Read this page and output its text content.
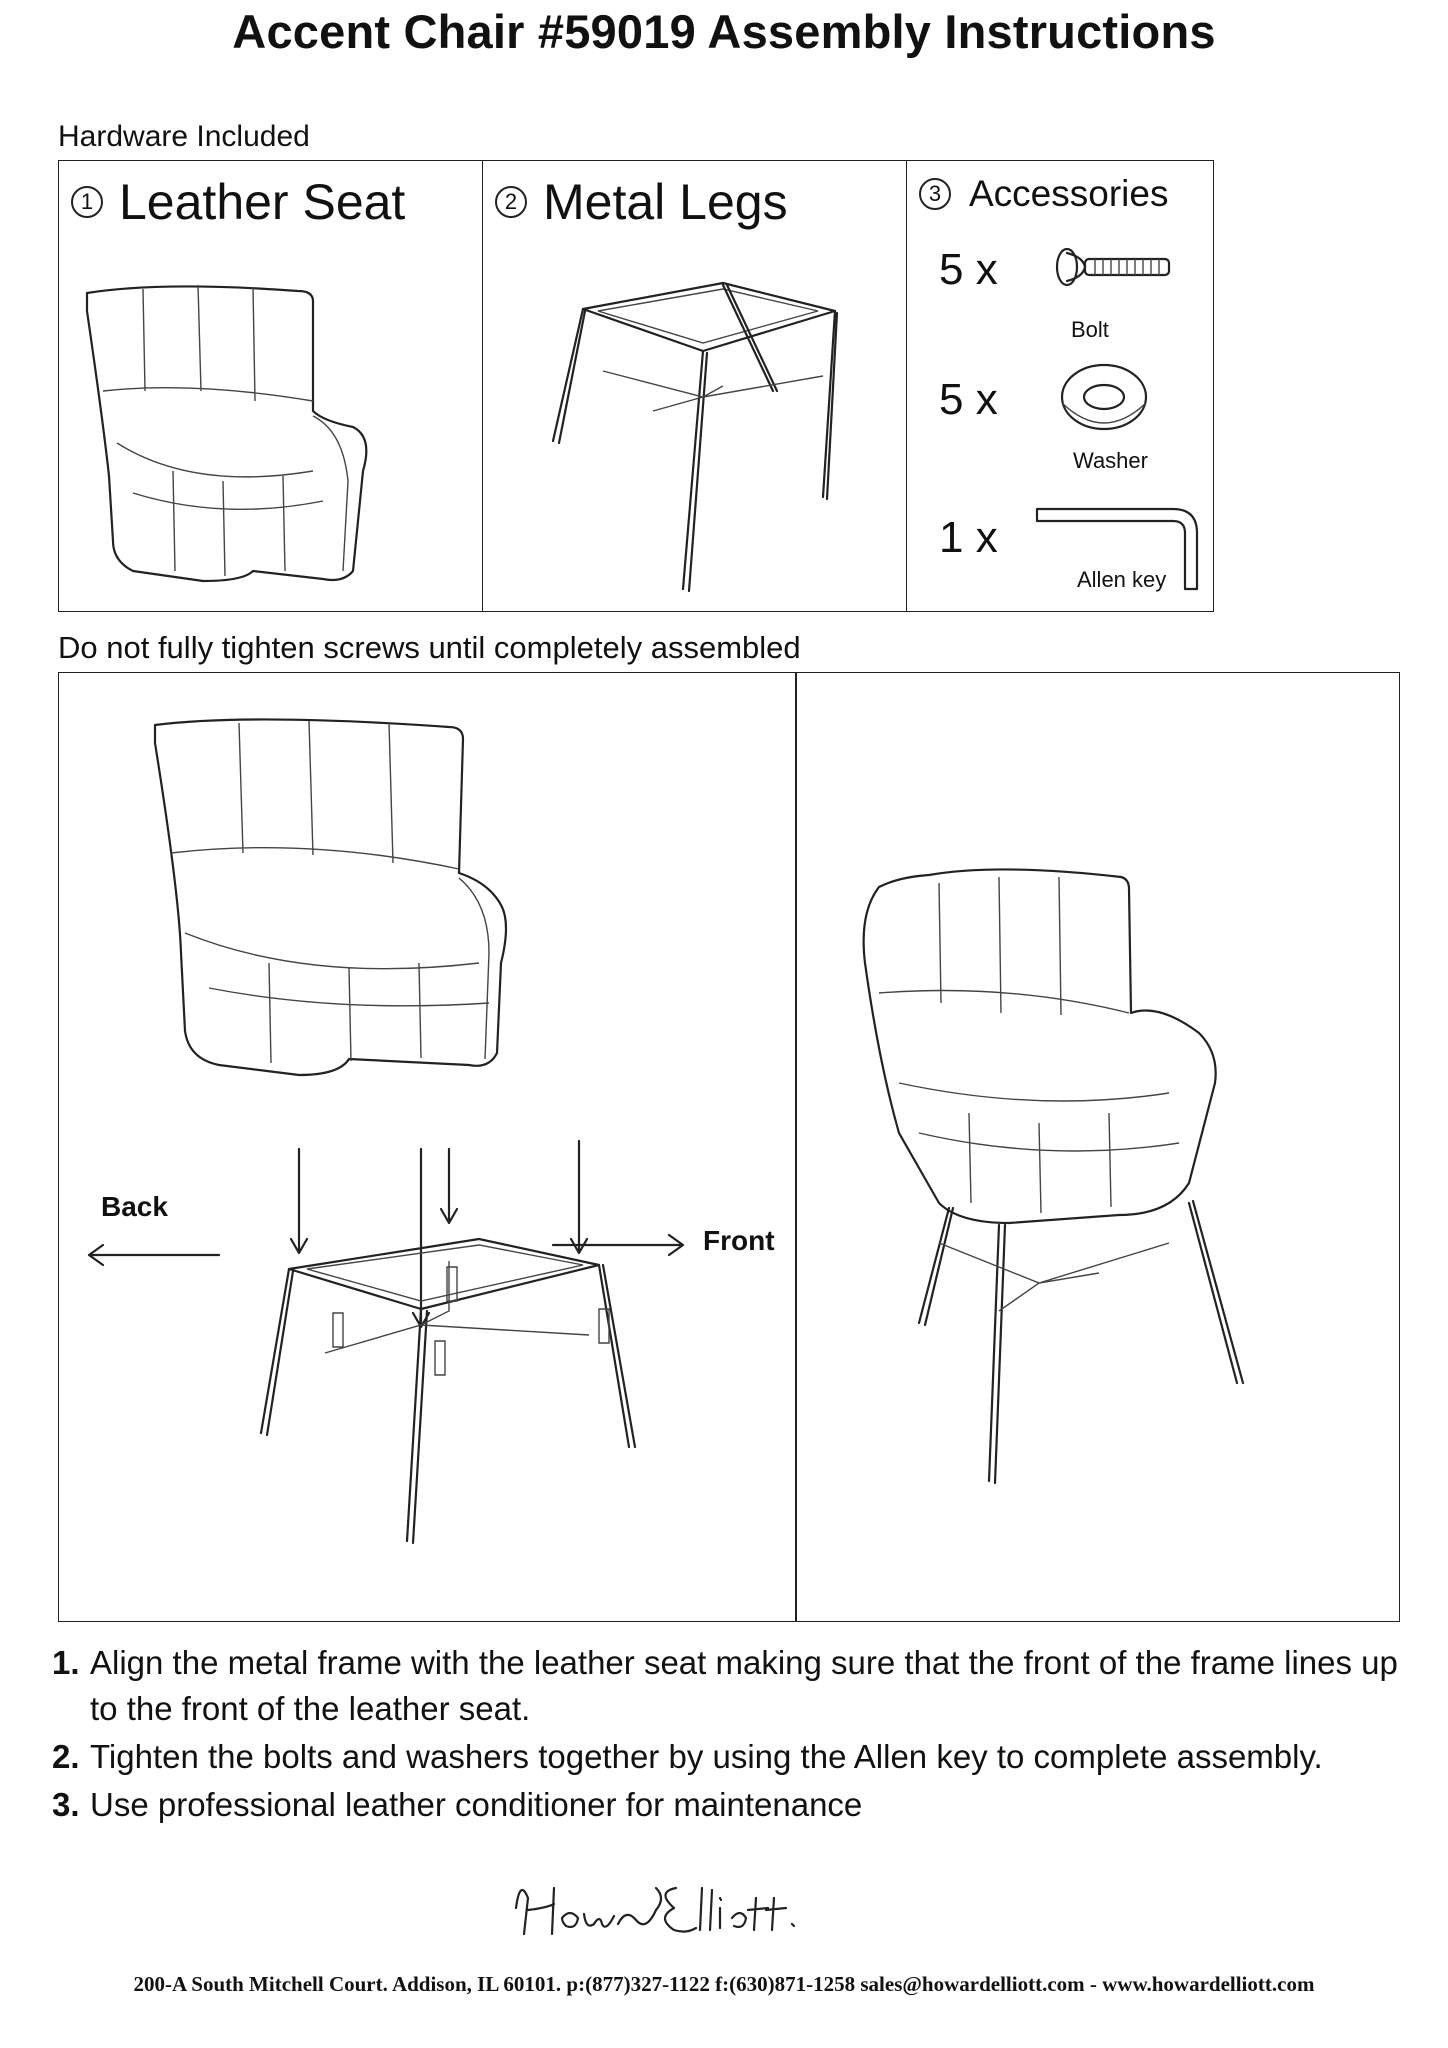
Accent Chair #59019 Assembly Instructions
Hardware Included
1 Leather Seat	2 Metal Legs	3 Accessories
5 x
Bolt
5 x
Washer
1 x
Allen key
Do not fully tighten screws until completely assembled
Back
Front
1. Align the metal frame with the leather seat making sure that the front of the frame lines up to the front of the leather seat.
2. Tighten the bolts and washers together by using the Allen key to complete assembly.
3. Use professional leather conditioner for maintenance
200-A South Mitchell Court. Addison, IL 60101. p:(877)327-1122 f:(630)871-1258 sales@howardelliott.com - www.howardelliott.com
